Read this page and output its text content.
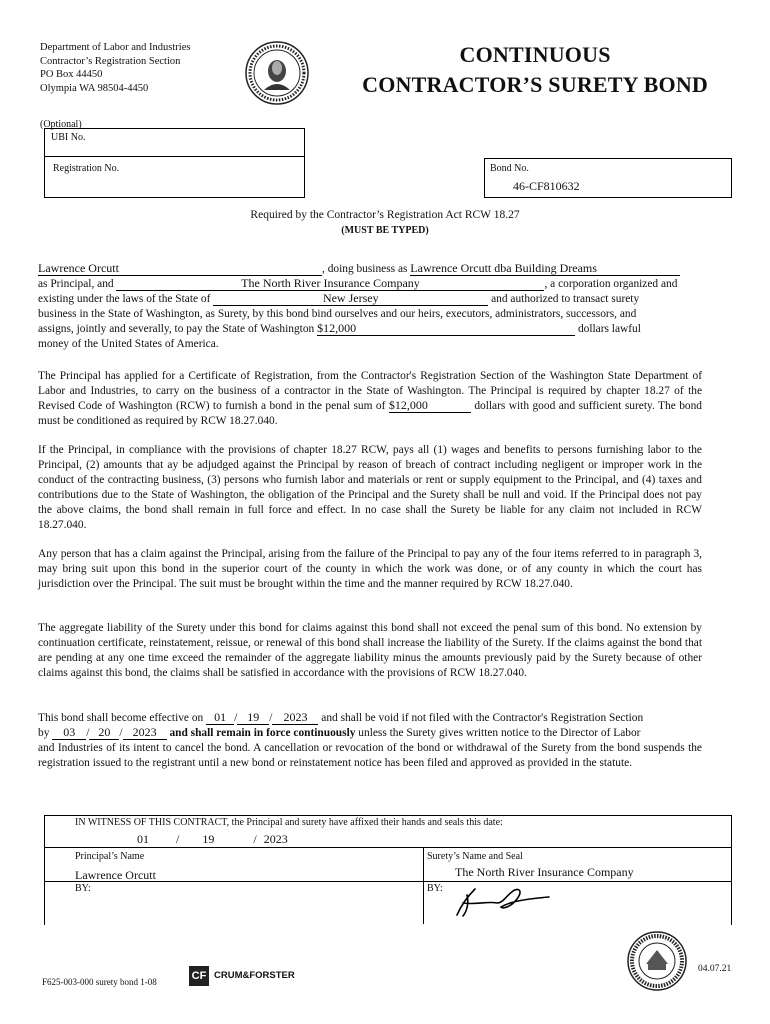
Department of Labor and Industries
Contractor’s Registration Section
PO Box 44450
Olympia WA 98504-4450
CONTINUOUS
CONTRACTOR’S SURETY BOND
(Optional)
UBI No.
Registration No.	Bond No.
46-CF810632
Required by the Contractor’s Registration Act RCW 18.27
(MUST BE TYPED)
Lawrence Orcutt	, doing business as Lawrence Orcutt dba Building Dreams
as Principal, and	The North River Insurance Company	, a corporation organized and
existing under the laws of the State of	New Jersey	and authorized to transact surety
business in the State of Washington, as Surety, by this bond bind ourselves and our heirs, executors, administrators, successors, and
assigns, jointly and severally, to pay the State of Washington $12,000	dollars lawful
money of the United States of America.
The Principal has applied for a Certificate of Registration, from the Contractor's Registration Section of the Washington State Department of Labor and Industries, to carry on the business of a contractor in the State of Washington. The Principal is required by chapter 18.27 of the Revised Code of Washington (RCW) to furnish a bond in the penal sum of $12,000	dollars with good and sufficient surety. The bond must be conditioned as required by RCW 18.27.040.
If the Principal, in compliance with the provisions of chapter 18.27 RCW, pays all (1) wages and benefits to persons furnishing labor to the Principal, (2) amounts that ay be adjudged against the Principal by reason of breach of contract including negligent or improper work in the conduct of the contracting business, (3) persons who furnish labor and materials or rent or supply equipment to the Principal, and (4) taxes and contributions due to the State of Washington, the obligation of the Principal and the Surety shall be null and void. If the Principal does not pay the above claims, the bond shall remain in full force and effect. In no case shall the Surety be liable for any claim not included in RCW 18.27.040.
Any person that has a claim against the Principal, arising from the failure of the Principal to pay any of the four items referred to in paragraph 3, may bring suit upon this bond in the superior court of the county in which the work was done, or of any county in which the court has jurisdiction over the Principal. The suit must be brought within the time and the manner required by RCW 18.27.040.
The aggregate liability of the Surety under this bond for claims against this bond shall not exceed the penal sum of this bond. No extension by continuation certificate, reinstatement, reissue, or renewal of this bond shall increase the liability of the Surety. If the claims against the bond that are pending at any one time exceed the remainder of the aggregate liability minus the amounts previously paid by the Surety because of other claims against this bond, the claims shall be satisfied in accordance with the provisions of RCW 18.27.040.
This bond shall become effective on 01 / 19 / 2023 and shall be void if not filed with the Contractor's Registration Section
by 03 / 20 / 2023 and shall remain in force continuously unless the Surety gives written notice to the Director of Labor
and Industries of its intent to cancel the bond. A cancellation or revocation of the bond or withdrawal of the Surety from the bond suspends the registration issued to the registrant until a new bond or reinstatement notice has been filed and approved as provided in the statute.
IN WITNESS OF THIS CONTRACT, the Principal and surety have affixed their hands and seals this date:
01 / 19	/ 2023
Principal’s Name
Lawrence Orcutt
BY:
Surety’s Name and Seal
The North River Insurance Company
BY:
F625-003-000 surety bond 1-08	CF CRUM&FORSTER
04.07.21
